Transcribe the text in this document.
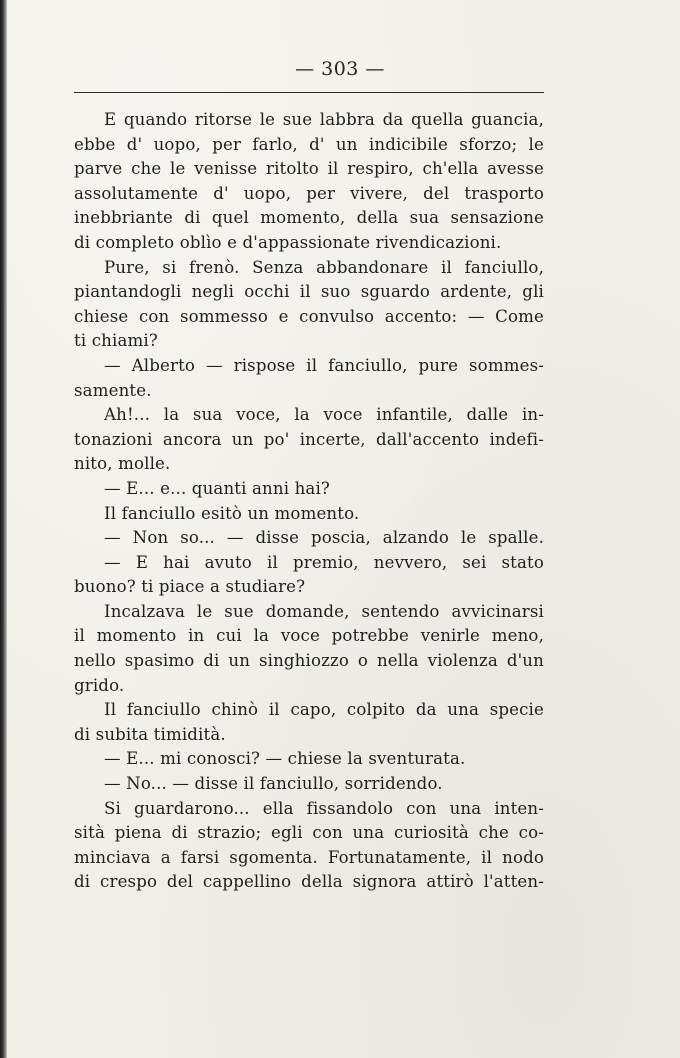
— 303 —
E quando ritorse le sue labbra da quella guancia,
ebbe d' uopo, per farlo, d' un indicibile sforzo; le
parve che le venisse ritolto il respiro, ch'ella avesse
assolutamente d' uopo, per vivere, del trasporto
inebbriante di quel momento, della sua sensazione
di completo oblìo e d'appassionate rivendicazioni.
Pure, si frenò. Senza abbandonare il fanciullo,
piantandogli negli occhi il suo sguardo ardente, gli
chiese con sommesso e convulso accento: — Come
ti chiami?
— Alberto — rispose il fanciullo, pure sommes-
samente.
Ah!... la sua voce, la voce infantile, dalle in-
tonazioni ancora un po' incerte, dall'accento indefi-
nito, molle.
— E... e... quanti anni hai?
Il fanciullo esitò un momento.
— Non so... — disse poscia, alzando le spalle.
— E hai avuto il premio, nevvero, sei stato
buono? ti piace a studiare?
Incalzava le sue domande, sentendo avvicinarsi
il momento in cui la voce potrebbe venirle meno,
nello spasimo di un singhiozzo o nella violenza d'un
grido.
Il fanciullo chinò il capo, colpito da una specie
di subita timidità.
— E... mi conosci? — chiese la sventurata.
— No... — disse il fanciullo, sorridendo.
Si guardarono... ella fissandolo con una inten-
sità piena di strazio; egli con una curiosità che co-
minciava a farsi sgomenta. Fortunatamente, il nodo
di crespo del cappellino della signora attirò l'atten-
